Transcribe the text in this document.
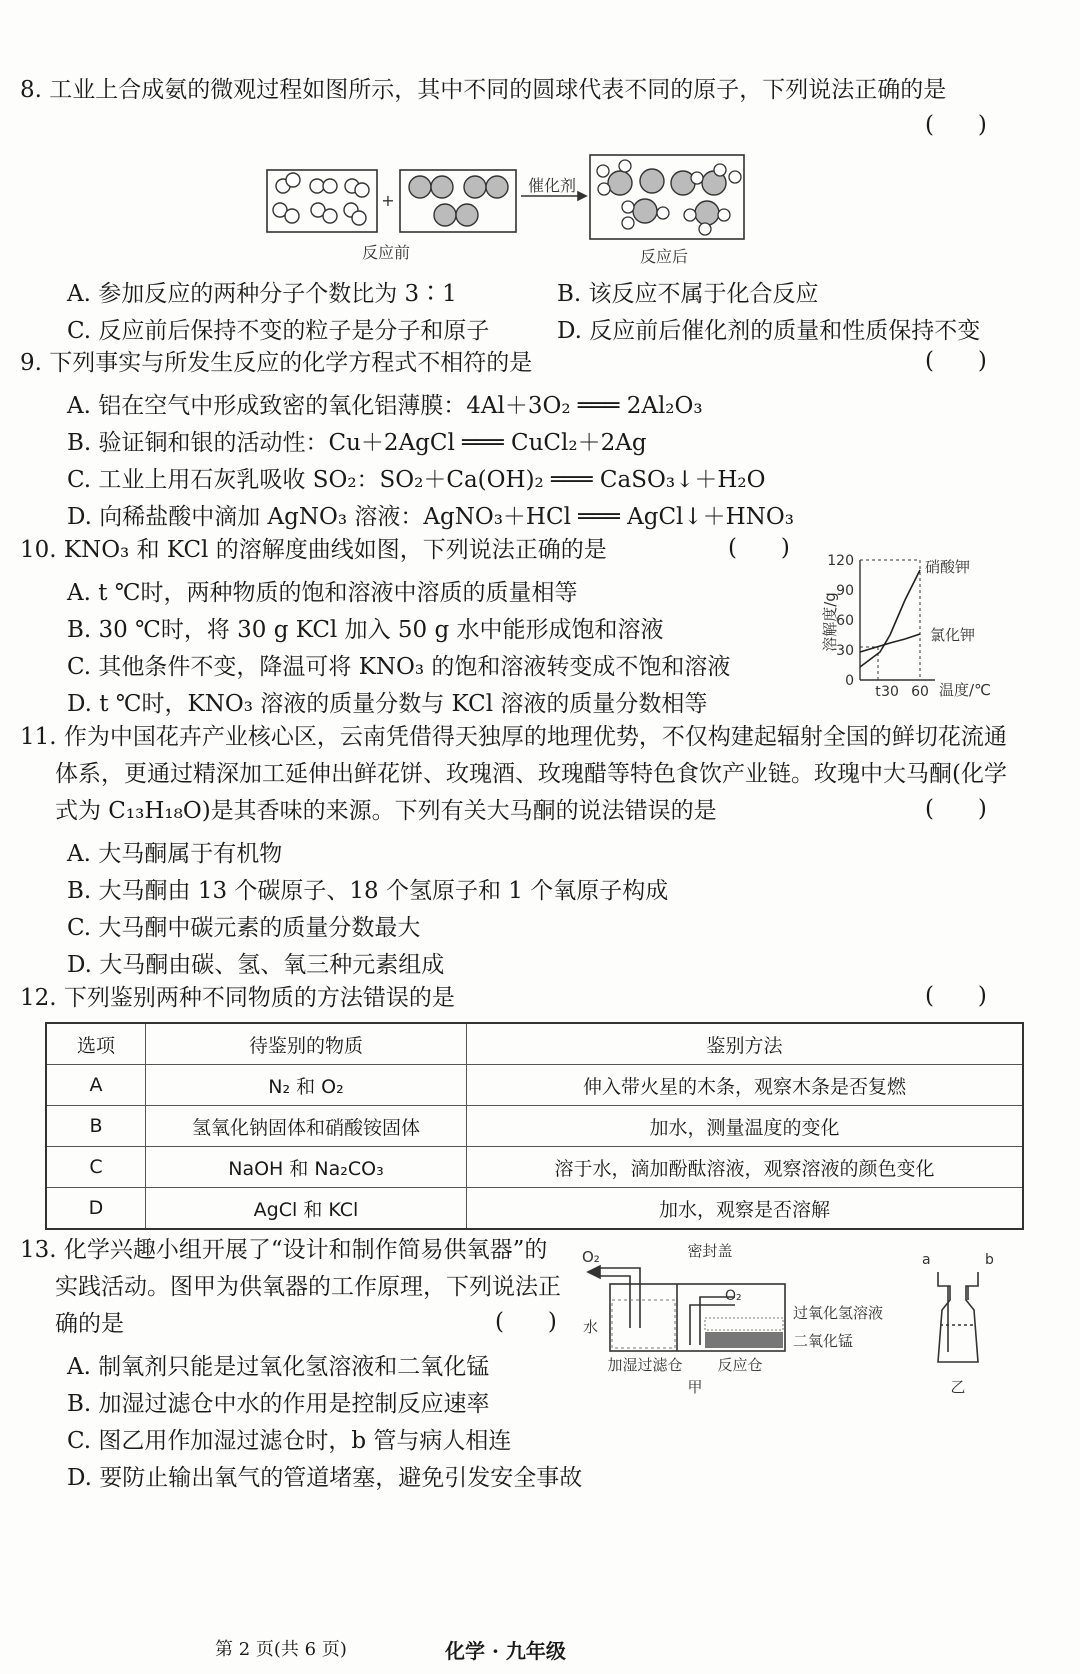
8. 工业上合成氨的微观过程如图所示，其中不同的圆球代表不同的原子，下列说法正确的是
(      )
+
催化剂
反应前	反应后
A. 参加反应的两种分子个数比为 3∶1	B. 该反应不属于化合反应
C. 反应前后保持不变的粒子是分子和原子	D. 反应前后催化剂的质量和性质保持不变
9. 下列事实与所发生反应的化学方程式不相符的是	(      )
A. 铝在空气中形成致密的氧化铝薄膜：4Al＋3O₂ ═══ 2Al₂O₃
B. 验证铜和银的活动性：Cu＋2AgCl ═══ CuCl₂＋2Ag
C. 工业上用石灰乳吸收 SO₂：SO₂＋Ca(OH)₂ ═══ CaSO₃↓＋H₂O
D. 向稀盐酸中滴加 AgNO₃ 溶液：AgNO₃＋HCl ═══ AgCl↓＋HNO₃
10. KNO₃ 和 KCl 的溶解度曲线如图，下列说法正确的是	(      )
A. t ℃时，两种物质的饱和溶液中溶质的质量相等
B. 30 ℃时，将 30 g KCl 加入 50 g 水中能形成饱和溶液
C. 其他条件不变，降温可将 KNO₃ 的饱和溶液转变成不饱和溶液
D. t ℃时，KNO₃ 溶液的质量分数与 KCl 溶液的质量分数相等
120
90
60
30
0
t 30 60
溶解度/g
温度/℃
硝酸钾
氯化钾
11. 作为中国花卉产业核心区，云南凭借得天独厚的地理优势，不仅构建起辐射全国的鲜切花流通
体系，更通过精深加工延伸出鲜花饼、玫瑰酒、玫瑰醋等特色食饮产业链。玫瑰中大马酮(化学
式为 C₁₃H₁₈O)是其香味的来源。下列有关大马酮的说法错误的是	(      )
A. 大马酮属于有机物
B. 大马酮由 13 个碳原子、18 个氢原子和 1 个氧原子构成
C. 大马酮中碳元素的质量分数最大
D. 大马酮由碳、氢、氧三种元素组成
12. 下列鉴别两种不同物质的方法错误的是	(      )
选项	待鉴别的物质	鉴别方法
A	N₂ 和 O₂	伸入带火星的木条，观察木条是否复燃
B	氢氧化钠固体和硝酸铵固体	加水，测量温度的变化
C	NaOH 和 Na₂CO₃	溶于水，滴加酚酞溶液，观察溶液的颜色变化
D	AgCl 和 KCl	加水，观察是否溶解
13. 化学兴趣小组开展了“设计和制作简易供氧器”的
实践活动。图甲为供氧器的工作原理，下列说法正
确的是	(      )
A. 制氧剂只能是过氧化氢溶液和二氧化锰
B. 加湿过滤仓中水的作用是控制反应速率
C. 图乙用作加湿过滤仓时，b 管与病人相连
D. 要防止输出氧气的管道堵塞，避免引发安全事故
O₂	密封盖
O₂
水
过氧化氢溶液
二氧化锰
加湿过滤仓 反应仓
甲
a	b
乙
第 2 页(共 6 页)	化学 · 九年级
